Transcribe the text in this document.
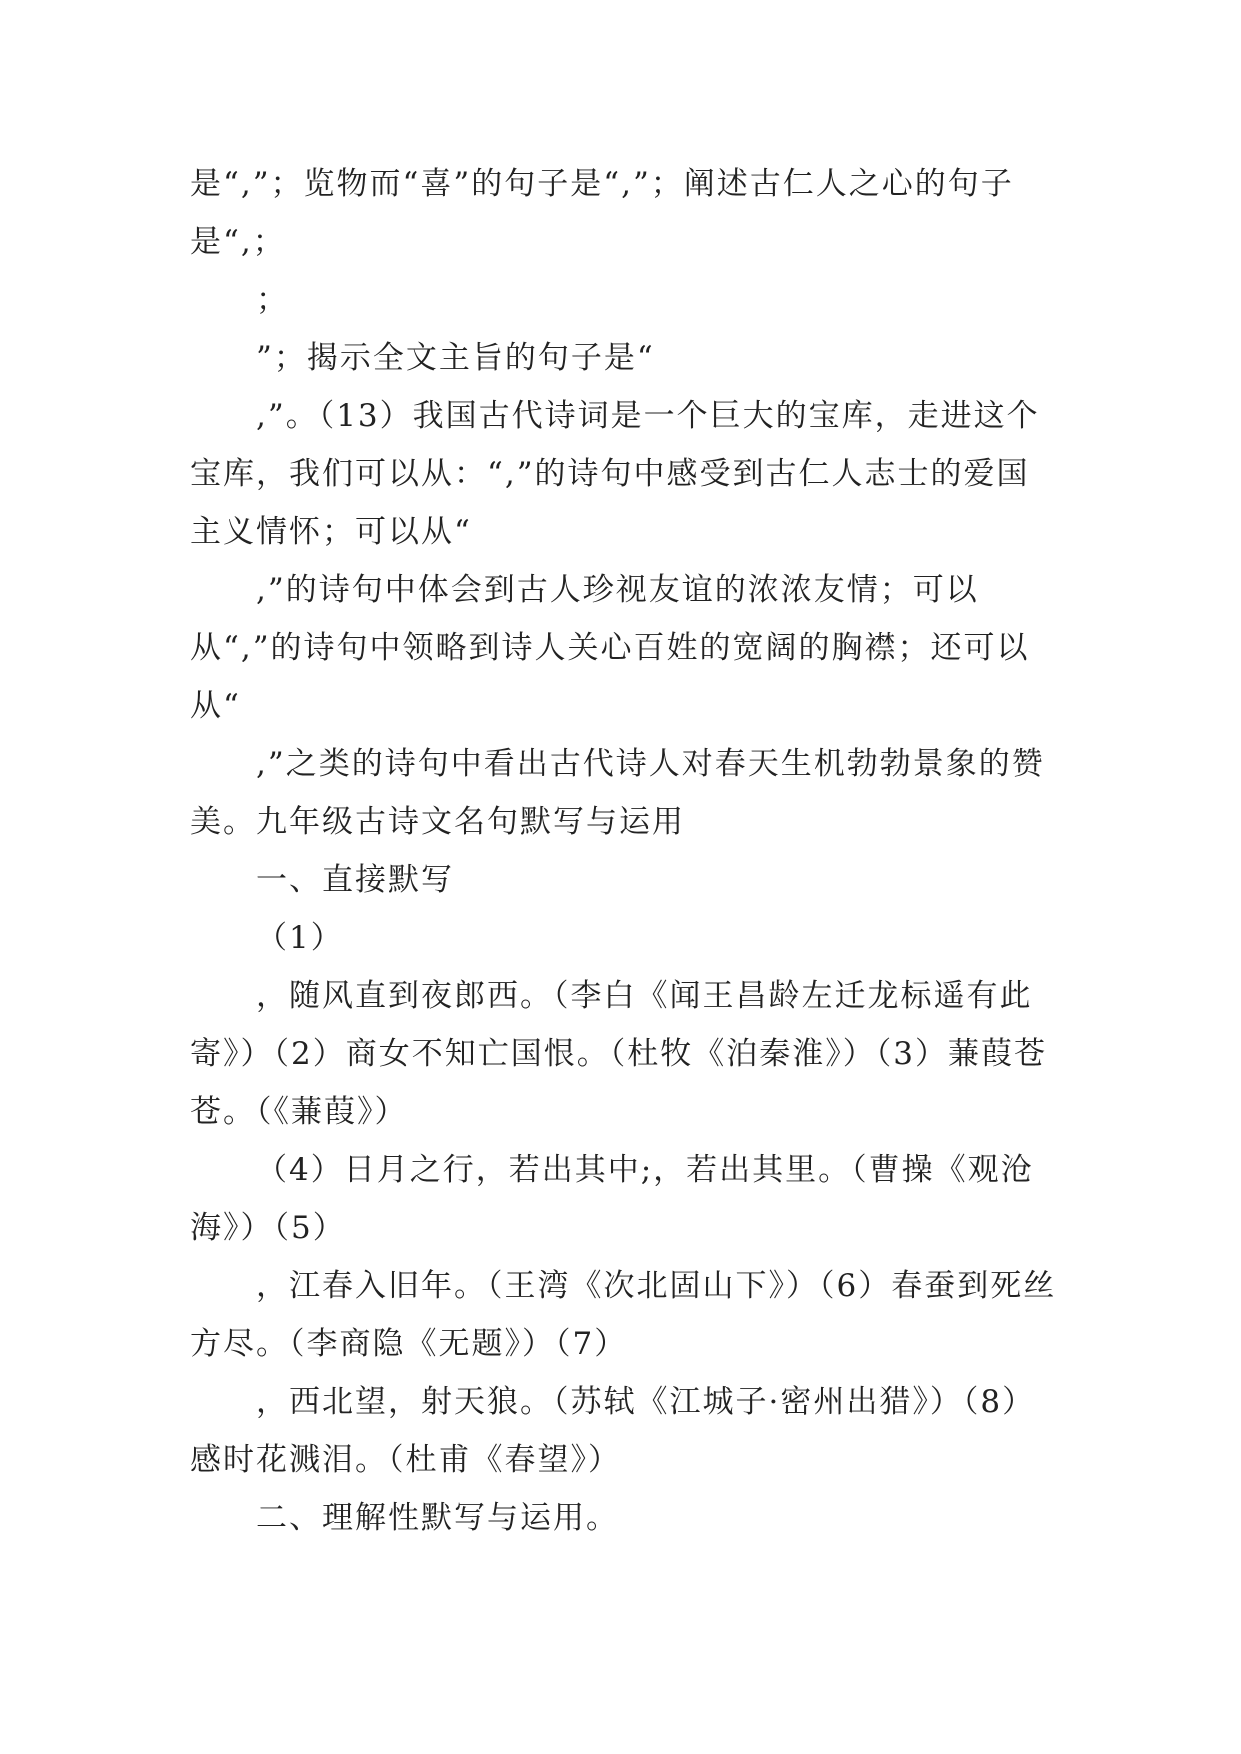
是“,”；览物而“喜”的句子是“,”；阐述古仁人之心的句子是“,；

；

”；揭示全文主旨的句子是“

,”。（13）我国古代诗词是一个巨大的宝库，走进这个宝库，我们可以从：“,”的诗句中感受到古仁人志士的爱国主义情怀；可以从“

,”的诗句中体会到古人珍视友谊的浓浓友情；可以从“,”的诗句中领略到诗人关心百姓的宽阔的胸襟；还可以从“

,”之类的诗句中看出古代诗人对春天生机勃勃景象的赞美。九年级古诗文名句默写与运用

一、直接默写

（1）

，随风直到夜郎西。（李白《闻王昌龄左迁龙标遥有此寄》）（2）商女不知亡国恨。（杜牧《泊秦淮》）（3）蒹葭苍苍。（《蒹葭》）

（4）日月之行，若出其中;，若出其里。（曹操《观沧海》）（5）

，江春入旧年。（王湾《次北固山下》）（6）春蚕到死丝方尽。（李商隐《无题》）（7）

，西北望，射天狼。（苏轼《江城子·密州出猎》）（8）感时花溅泪。（杜甫《春望》）

二、理解性默写与运用。
